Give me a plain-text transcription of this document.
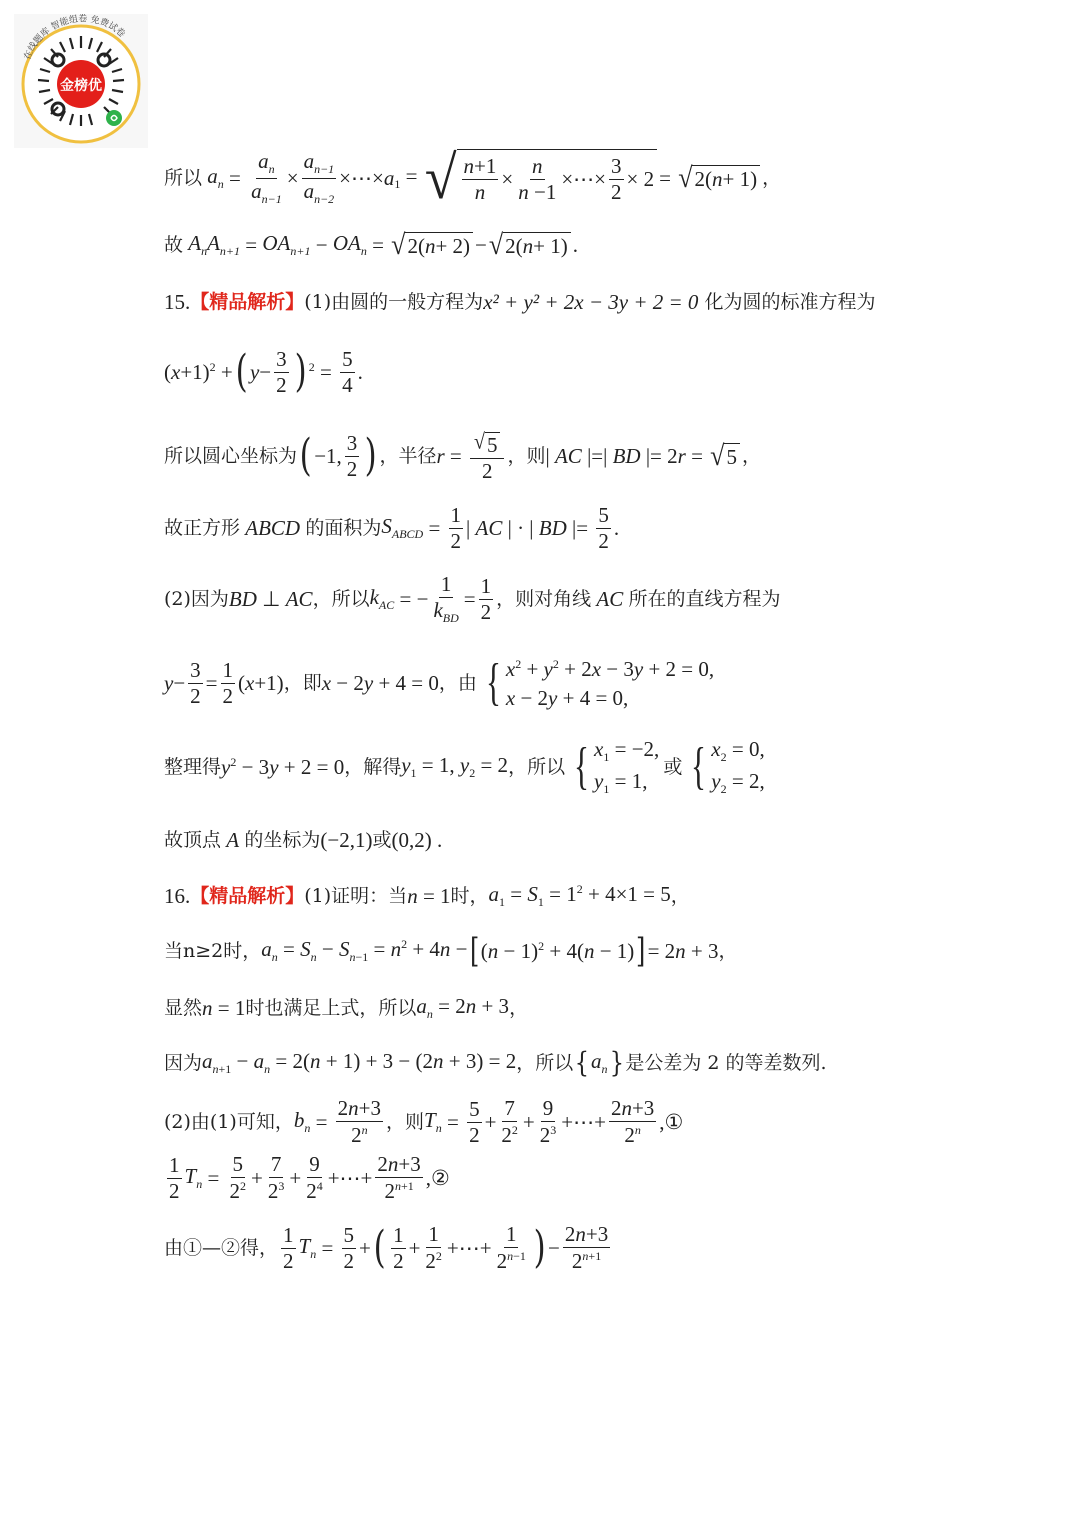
金榜优
在线题库 智能组卷 免费试卷
所以 $a_n = \frac{a_n}{a_{n-1}} \times \frac{a_{n-1}}{a_{n-2}}$ ×⋯× a $_1$ = √ $\frac{n+1}{n} \times \frac{n}{n -1}$ ×⋯× $\frac{3}{2} \times 2$ = √ 2( n + 1) ，
故 $A_nA_{n+1} = OA_{n+1} - OA_n$ = √ 2( n + 2) − √ 2( n + 1) .
15. 【精品解析】 (1)由圆的一般方程为 x² + y² + 2x − 3y + 2 = 0
化为圆的标准方程为
$(x+1)^2$ + ( $y - \frac{3}{2}$ ) $^2 = \frac{5}{4}$ .
所以圆心坐标为 ( −1, $\frac{3}{2}$ ) ，半径 $r = \frac{√ 5}{2}$ ，则 | AC |=| BD |= 2r = √ 5 ，
故正方形 ABCD 的面积为 $S_{ABCD} = \frac{1}{2}$ | AC | · | BD |= $\frac{5}{2}$ .
(2)因为 BD ⊥ AC ，所以 $k_{AC}$ = − $\frac{1}{k_{BD}} = \frac{1}{2}$ ，则对角线 AC 所在的直线方程为
$y - \frac{3}{2} = \frac{1}{2} (x+1)$ ，即 x − 2y + 4 = 0 ，由 { $x^2 + y^2 + 2x - 3y + 2 = 0$,
x − 2y + 4 = 0,
整理得 $y^2 - 3y + 2 = 0$ ，解得 $y_1 = 1$, $y_2 = 2$ ，所以 { $x_1 = -2$,
$y_1 = 1$,
或 { $x_2 = 0$,
$y_2 = 2$,
故顶点 A 的坐标为 (−2,1) 或 (0,2) .
16. 【精品解析】 (1)证明：当 n = 1 时， $a_1 = S_1 = 1^2 + 4\times 1 = 5$ ，
当n≥2时， $a_n = S_n - S_{n-1} = n^2 + 4n$ − [ $(n - 1)^2 + 4(n - 1)$ ] = 2n + 3 ，
显然 n = 1 时也满足上式，所以 $a_n = 2n + 3$ ，
因为 $a_{n+1} - a_n = 2(n + 1) + 3 - (2n + 3) = 2$ ，所以 { $a_n$ } 是公差为 2 的等差数列.
(2)由(1)可知， $b_n = \frac{2n+3}{2^n}$ ，则 $T_n = \frac{5}{2} + \frac{7}{2^2} + \frac{9}{2^3}$ +⋯+ $\frac{2n+3}{2^n}$ ,①
$\frac{1}{2} T_n = \frac{5}{2^2} + \frac{7}{2^3} + \frac{9}{2^4}$ +⋯+ $\frac{2n+3}{2^{n+1}}$ ,②
由①—②得， $\frac{1}{2} T_n = \frac{5}{2}$ + ( $\frac{1}{2} + \frac{1}{2^2}$ +⋯+ $\frac{1}{2^{n-1}}$ ) − $\frac{2n+3}{2^{n+1}}$
